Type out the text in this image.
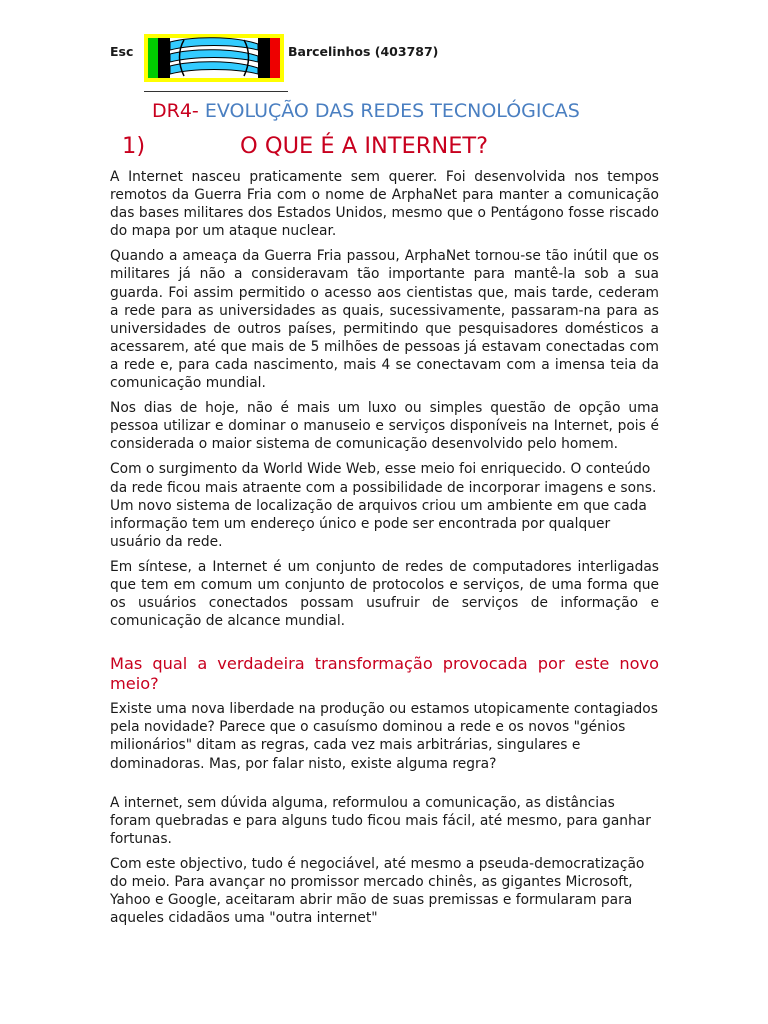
Esc	Barcelinhos (403787)
DR4- EVOLUÇÃO DAS REDES TECNOLÓGICAS
1)	O QUE É A INTERNET?

A Internet nasceu praticamente sem querer. Foi desenvolvida nos tempos remotos da Guerra Fria com o nome de ArphaNet para manter a comunicação das bases militares dos Estados Unidos, mesmo que o Pentágono fosse riscado do mapa por um ataque nuclear.

Quando a ameaça da Guerra Fria passou, ArphaNet tornou-se tão inútil que os militares já não a consideravam tão importante para mantê-la sob a sua guarda. Foi assim permitido o acesso aos cientistas que, mais tarde, cederam a rede para as universidades as quais, sucessivamente, passaram-na para as universidades de outros países, permitindo que pesquisadores domésticos a acessarem, até que mais de 5 milhões de pessoas já estavam conectadas com a rede e, para cada nascimento, mais 4 se conectavam com a imensa teia da comunicação mundial.

Nos dias de hoje, não é mais um luxo ou simples questão de opção uma pessoa utilizar e dominar o manuseio e serviços disponíveis na Internet, pois é considerada o maior sistema de comunicação desenvolvido pelo homem.

Com o surgimento da World Wide Web, esse meio foi enriquecido. O conteúdo da rede ficou mais atraente com a possibilidade de incorporar imagens e sons. Um novo sistema de localização de arquivos criou um ambiente em que cada informação tem um endereço único e pode ser encontrada por qualquer usuário da rede.

Em síntese, a Internet é um conjunto de redes de computadores interligadas que tem em comum um conjunto de protocolos e serviços, de uma forma que os usuários conectados possam usufruir de serviços de informação e comunicação de alcance mundial.

Mas qual a verdadeira transformação provocada por este novo meio?

Existe uma nova liberdade na produção ou estamos utopicamente contagiados pela novidade? Parece que o casuísmo dominou a rede e os novos "génios milionários" ditam as regras, cada vez mais arbitrárias, singulares e dominadoras. Mas, por falar nisto, existe alguma regra?

A internet, sem dúvida alguma, reformulou a comunicação, as distâncias foram quebradas e para alguns tudo ficou mais fácil, até mesmo, para ganhar fortunas.

Com este objectivo, tudo é negociável, até mesmo a pseuda-democratização do meio. Para avançar no promissor mercado chinês, as gigantes Microsoft, Yahoo e Google, aceitaram abrir mão de suas premissas e formularam para aqueles cidadãos uma "outra internet"
